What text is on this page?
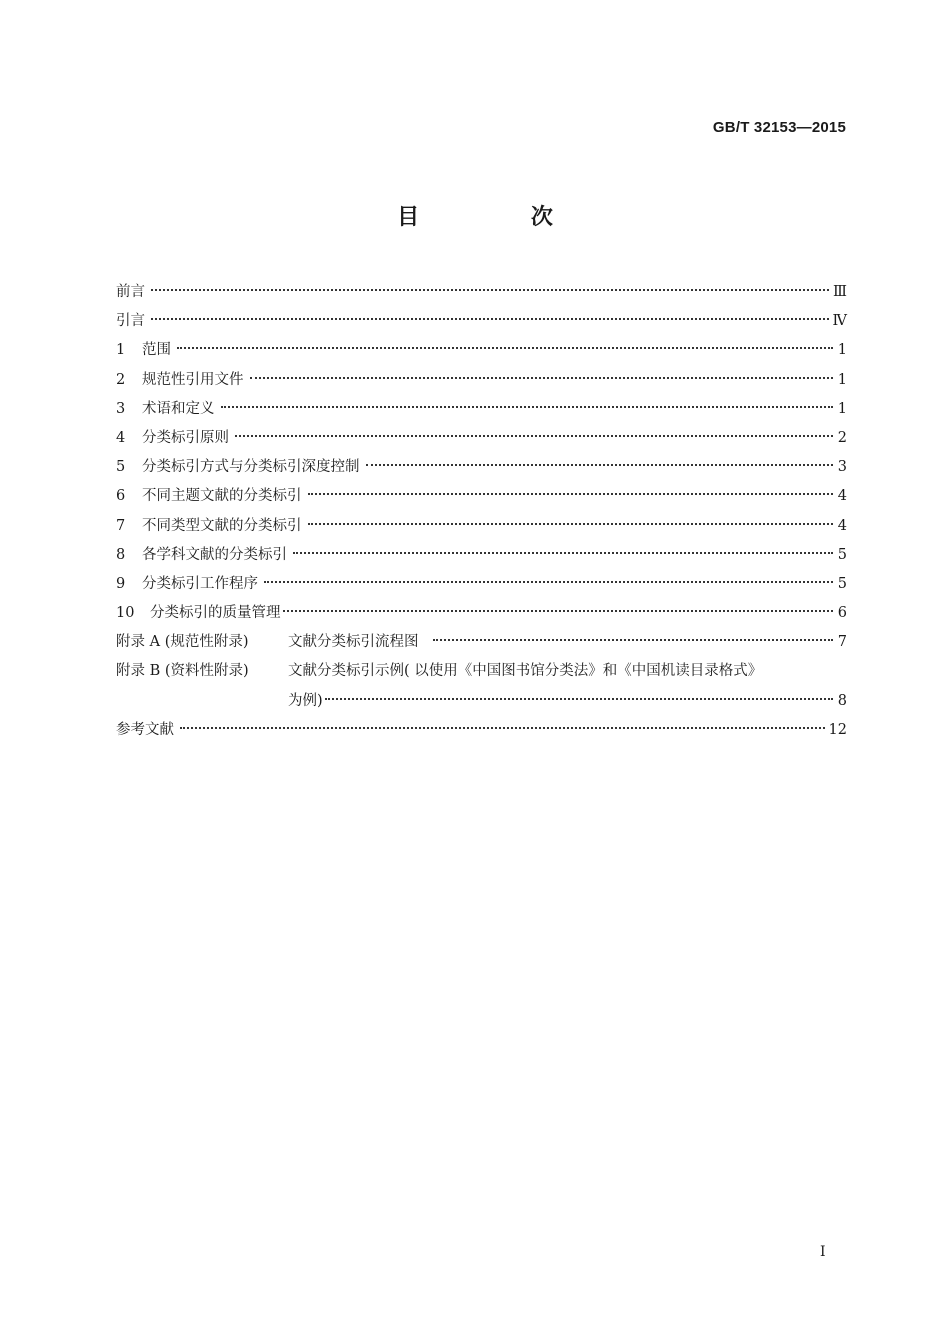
GB/T 32153—2015
目 次
前言	Ⅲ
引言	Ⅳ
1	范围	1
2	规范性引用文件	1
3	术语和定义	1
4	分类标引原则	2
5	分类标引方式与分类标引深度控制	3
6	不同主题文献的分类标引	4
7	不同类型文献的分类标引	4
8	各学科文献的分类标引	5
9	分类标引工作程序	5
10	分类标引的质量管理	6
附录 A (规范性附录)	文献分类标引流程图	7
附录 B (资料性附录)	文献分类标引示例( 以使用《中国图书馆分类法》和《中国机读目录格式》
为例)	8
参考文献	12
Ⅰ
